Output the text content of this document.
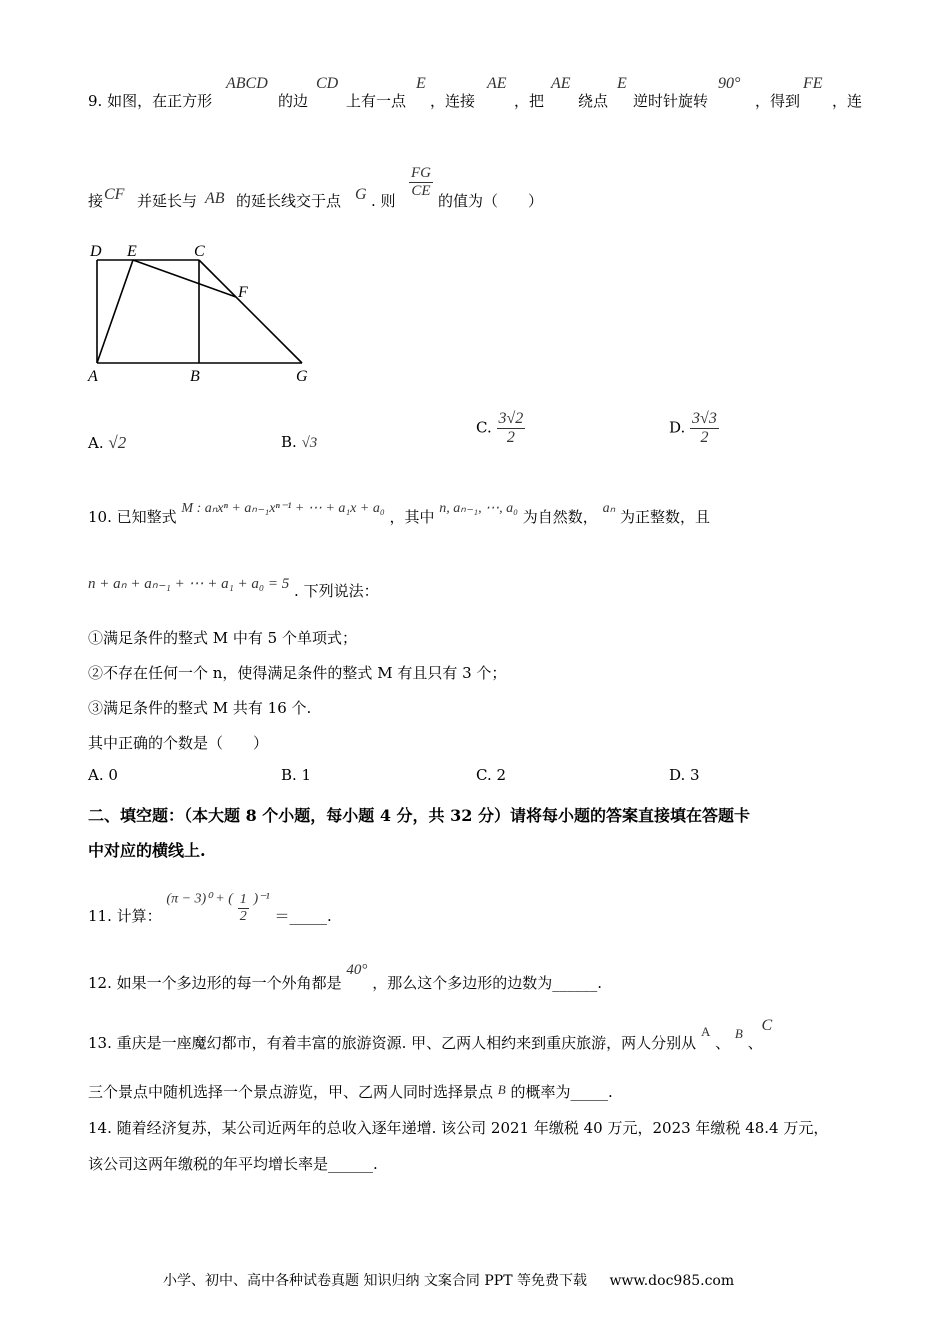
9. 如图，在正方形
ABCD
的边
CD
上有一点
E
，连接
AE
，把
AE
绕点
E
逆时针旋转
90°
，得到
FE
，连
接 CF 并延长与 AB 的延长线交于点 G . 则	的值为（　　）
$\frac{FG}{CE}$
D E	C
F
A	B	G
A. √2	B. √3
C. $\frac{3√2}{2}$	D. $\frac{3√3}{2}$
10. 已知整式 M : aₙxⁿ + aₙ₋₁xⁿ⁻¹ + ⋯ + a₁x + a₀ ，其中 n, aₙ₋₁, ⋯, a₀ 为自然数， aₙ 为正整数，且
n + aₙ + aₙ₋₁ + ⋯ + a₁ + a₀ = 5 . 下列说法：
①满足条件的整式 M 中有 5 个单项式；
②不存在任何一个 n，使得满足条件的整式 M 有且只有 3 个；
③满足条件的整式 M 共有 16 个.
其中正确的个数是（　　）
A. 0	B. 1	C. 2	D. 3
二、填空题：（本大题 8 个小题，每小题 4 分，共 32 分）请将每小题的答案直接填在答题卡
中对应的横线上.
11. 计算： (π − 3)⁰ + ( $\frac{1}{2} )^{-1}$ ＝_____.
12. 如果一个多边形的每一个外角都是 40° ，那么这个多边形的边数为______.
13. 重庆是一座魔幻都市，有着丰富的旅游资源. 甲、乙两人相约来到重庆旅游，两人分别从 A 、 B 、 C
三个景点中随机选择一个景点游览，甲、乙两人同时选择景点 B 的概率为_____.
14. 随着经济复苏，某公司近两年的总收入逐年递增. 该公司 2021 年缴税 40 万元，2023 年缴税 48.4 万元，
该公司这两年缴税的年平均增长率是______.
小学、初中、高中各种试卷真题 知识归纳 文案合同 PPT 等免费下载 www.doc985.com
